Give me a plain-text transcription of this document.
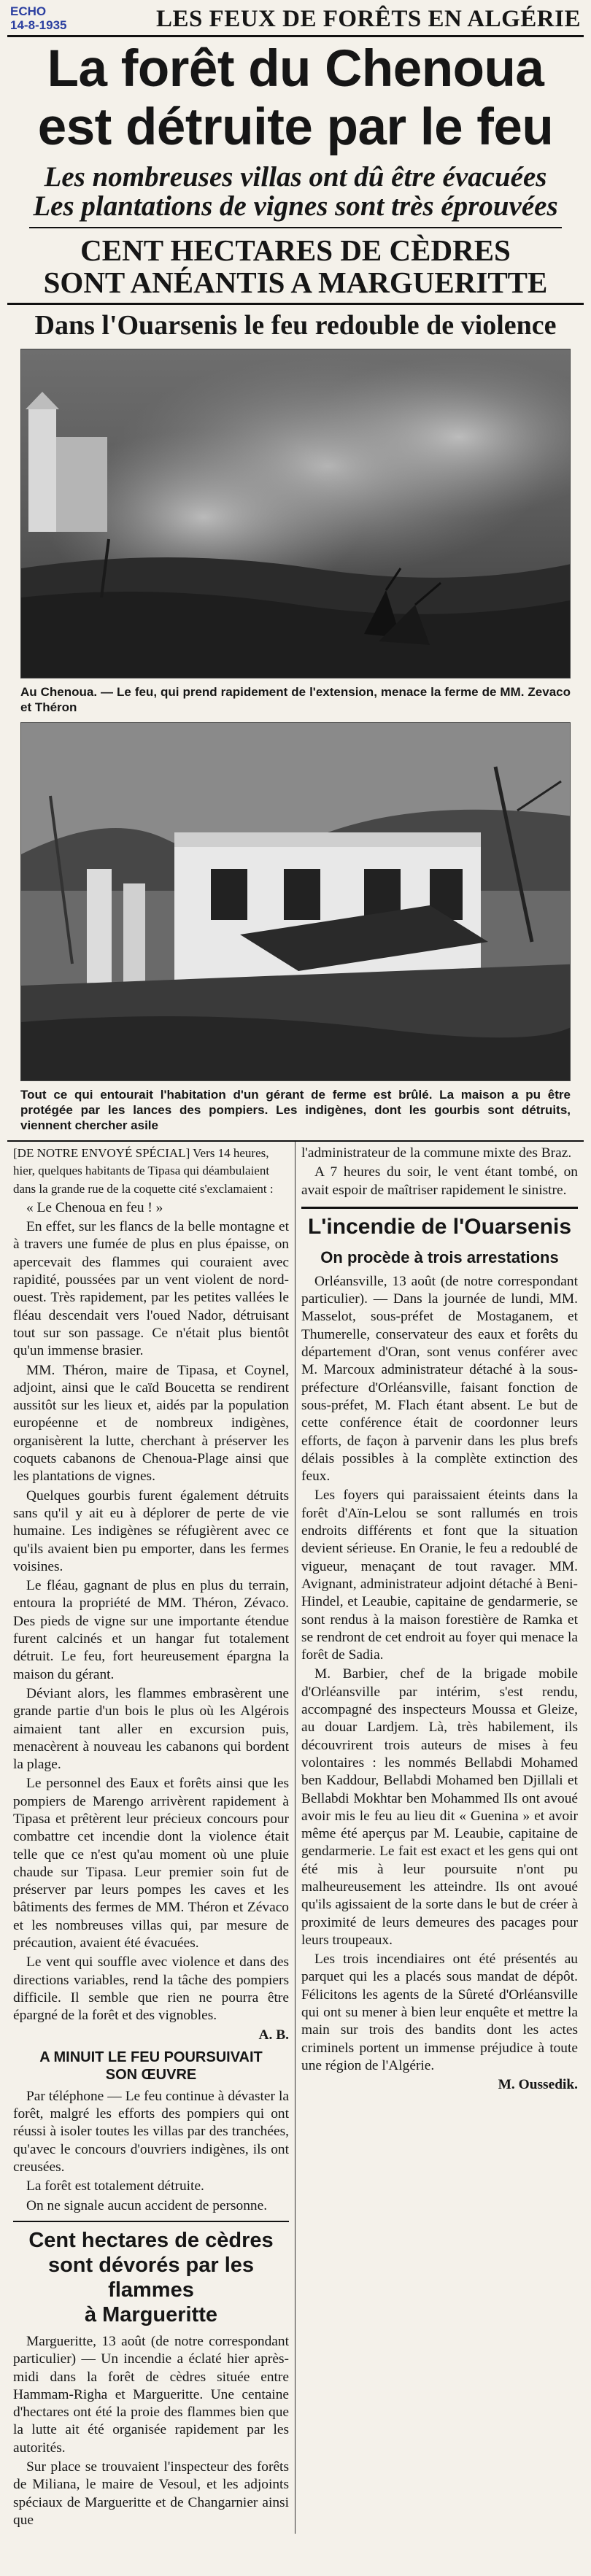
ECHO
14-8-1935	LES FEUX DE FORÊTS EN ALGÉRIE
La forêt du Chenoua
est détruite par le feu
Les nombreuses villas ont dû être évacuées
Les plantations de vignes sont très éprouvées
CENT HECTARES DE CÈDRES
SONT ANÉANTIS A MARGUERITTE
Dans l'Ouarsenis le feu redouble de violence
Au Chenoua. — Le feu, qui prend rapidement de l'extension, menace la ferme de MM. Zevaco et Théron
Tout ce qui entourait l'habitation d'un gérant de ferme est brûlé. La maison a pu être protégée par les lances des pompiers. Les indigènes, dont les gourbis sont détruits, viennent chercher asile

[DE NOTRE ENVOYÉ SPÉCIAL] Vers 14 heures, hier, quelques habitants de Tipasa qui déambulaient dans la grande rue de la coquette cité s'exclamaient :

« Le Chenoua en feu ! »

En effet, sur les flancs de la belle montagne et à travers une fumée de plus en plus épaisse, on apercevait des flammes qui couraient avec rapidité, poussées par un vent violent de nord-ouest. Très rapidement, par les petites vallées le fléau descendait vers l'oued Nador, détruisant tout sur son passage. Ce n'était plus bientôt qu'un immense brasier.

MM. Théron, maire de Tipasa, et Coynel, adjoint, ainsi que le caïd Boucetta se rendirent aussitôt sur les lieux et, aidés par la population européenne et de nombreux indigènes, organisèrent la lutte, cherchant à préserver les coquets cabanons de Chenoua-Plage ainsi que les plantations de vignes.

Quelques gourbis furent également détruits sans qu'il y ait eu à déplorer de perte de vie humaine. Les indigènes se réfugièrent avec ce qu'ils avaient bien pu emporter, dans les fermes voisines.

Le fléau, gagnant de plus en plus du terrain, entoura la propriété de MM. Théron, Zévaco. Des pieds de vigne sur une importante étendue furent calcinés et un hangar fut totalement détruit. Le feu, fort heureusement épargna la maison du gérant.

Déviant alors, les flammes embrasèrent une grande partie d'un bois le plus où les Algérois aimaient tant aller en excursion puis, menacèrent à nouveau les cabanons qui bordent la plage.

Le personnel des Eaux et forêts ainsi que les pompiers de Marengo arrivèrent rapidement à Tipasa et prêtèrent leur précieux concours pour combattre cet incendie dont la violence était telle que ce n'est qu'au moment où une pluie chaude sur Tipasa. Leur premier soin fut de préserver par leurs pompes les caves et les bâtiments des fermes de MM. Théron et Zévaco et les nombreuses villas qui, par mesure de précaution, avaient été évacuées.

Le vent qui souffle avec violence et dans des directions variables, rend la tâche des pompiers difficile. Il semble que rien ne pourra être épargné de la forêt et des vignobles.

A. B.
A MINUIT LE FEU POURSUIVAIT
SON ŒUVRE

Par téléphone — Le feu continue à dévaster la forêt, malgré les efforts des pompiers qui ont réussi à isoler toutes les villas par des tranchées, qu'avec le concours d'ouvriers indigènes, ils ont creusées.

La forêt est totalement détruite.

On ne signale aucun accident de personne.

Cent hectares de cèdres
sont dévorés par les flammes
à Margueritte

Margueritte, 13 août (de notre correspondant particulier) — Un incendie a éclaté hier après-midi dans la forêt de cèdres située entre Hammam-Righa et Margueritte. Une centaine d'hectares ont été la proie des flammes bien que la lutte ait été organisée rapidement par les autorités.

Sur place se trouvaient l'inspecteur des forêts de Miliana, le maire de Vesoul, et les adjoints spéciaux de Margueritte et de Changarnier ainsi que

l'administrateur de la commune mixte des Braz.

A 7 heures du soir, le vent étant tombé, on avait espoir de maîtriser rapidement le sinistre.

L'incendie de l'Ouarsenis
On procède à trois arrestations

Orléansville, 13 août (de notre correspondant particulier). — Dans la journée de lundi, MM. Masselot, sous-préfet de Mostaganem, et Thumerelle, conservateur des eaux et forêts du département d'Oran, sont venus conférer avec M. Marcoux administrateur détaché à la sous-préfecture d'Orléansville, faisant fonction de sous-préfet, M. Flach étant absent. Le but de cette conférence était de coordonner leurs efforts, de façon à parvenir dans les plus brefs délais possibles à la complète extinction des feux.

Les foyers qui paraissaient éteints dans la forêt d'Aïn-Lelou se sont rallumés en trois endroits différents et font que la situation devient sérieuse. En Oranie, le feu a redoublé de vigueur, menaçant de tout ravager. MM. Avignant, administrateur adjoint détaché à Beni-Hindel, et Leaubie, capitaine de gendarmerie, se sont rendus à la maison forestière de Ramka et se rendront de cet endroit au foyer qui menace la forêt de Sadia.

M. Barbier, chef de la brigade mobile d'Orléansville par intérim, s'est rendu, accompagné des inspecteurs Moussa et Gleize, au douar Lardjem. Là, très habilement, ils découvrirent trois auteurs de mises à feu volontaires : les nommés Bellabdi Mohamed ben Kaddour, Bellabdi Mohamed ben Djillali et Bellabdi Mokhtar ben Mohammed Ils ont avoué avoir mis le feu au lieu dit « Guenina » et avoir même été aperçus par M. Leaubie, capitaine de gendarmerie. Le fait est exact et les gens qui ont été mis à leur poursuite n'ont pu malheureusement les atteindre. Ils ont avoué qu'ils agissaient de la sorte dans le but de créer à proximité de leurs demeures des pacages pour leurs troupeaux.

Les trois incendiaires ont été présentés au parquet qui les a placés sous mandat de dépôt. Félicitons les agents de la Sûreté d'Orléansville qui ont su mener à bien leur enquête et mettre la main sur trois des bandits dont les actes criminels portent un immense préjudice à toute une région de l'Algérie.

M. Oussedik.
